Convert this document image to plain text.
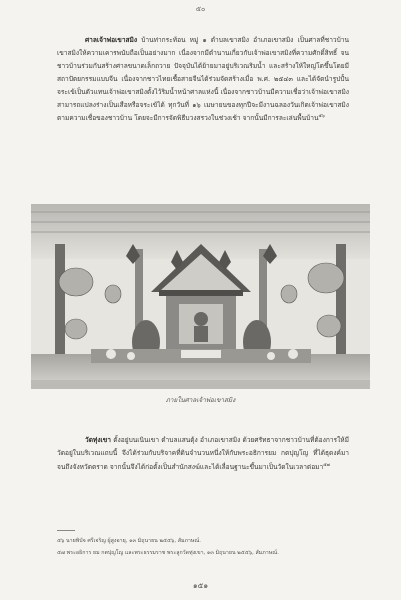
๕๐

ศาลเจ้าพ่อเขาสมิง บ้านท่ากระท้อน หมู่ ๑ ตำบลเขาสมิง อำเภอเขาสมิง เป็นศาลที่ชาวบ้านเขาสมิงให้ความเคารพนับถือเป็นอย่างมาก เนื่องจากมีตำนานเกี่ยวกับเจ้าพ่อเขาสมิงที่ความศักดิ์สิทธิ์ จนชาวบ้านร่วมกันสร้างศาลขนาดเล็กถวาย ปัจจุบันได้ย้ายมาอยู่บริเวณริมน้ำ และสร้างให้ใหญ่โตขึ้นโดยมีสถาปัตยกรรมแบบจีน เนื่องจากชาวไทยเชื้อสายจีนได้ร่วมจัดสร้างเมื่อ พ.ศ. ๒๕๔๓ และได้จัดนำรูปปั้นจระเข้เป็นตัวแทนเจ้าพ่อเขาสมิงตั้งไว้ริมน้ำหน้าศาลแห่งนี้ เนื่องจากชาวบ้านมีความเชื่อว่าเจ้าพ่อเขาสมิงสามารถแปลงร่างเป็นเสือหรือจระเข้ได้ ทุกวันที่ ๑๖ เมษายนของทุกปีจะมีงานฉลองวันเกิดเจ้าพ่อเขาสมิง ตามความเชื่อของชาวบ้าน โดยจะมีการจัดพิธีบวงสรวงในช่วงเช้า จากนั้นมีการละเล่นพื้นบ้าน$^{๕๖}$

ภายในศาลเจ้าพ่อเขาสมิง

วัดทุ่งเขา ตั้งอยู่บนเนินเขา ตำบลแสนตุ้ง อำเภอเขาสมิง ด้วยศรัทธาจากชาวบ้านที่ต้องการให้มีวัดอยู่ในบริเวณแถบนี้ จึงได้ร่วมกับบริจาคที่ดินจำนวนหนึ่งให้กับพระอธิการยม กตปุญโญ ที่ได้ธุดงค์มาจนถึงจังหวัดตราด จากนั้นจึงได้ก่อตั้งเป็นสำนักสงฆ์และได้เลื่อนฐานะขึ้นมาเป็นวัดในเวลาต่อมา$^{๕๗}$

๕๖ นายพิบัจ ศรีเจริญ ผู้สูงอายุ, ๑๓ มิถุนายน ๒๕๕๖, สัมภาษณ์.
๕๗ พระอธิการ ยม กตปุญโญ และพระธรรมราช พระลูกวัดทุ่งเขา, ๑๓ มิถุนายน ๒๕๕๖, สัมภาษณ์.
๑๕๑
